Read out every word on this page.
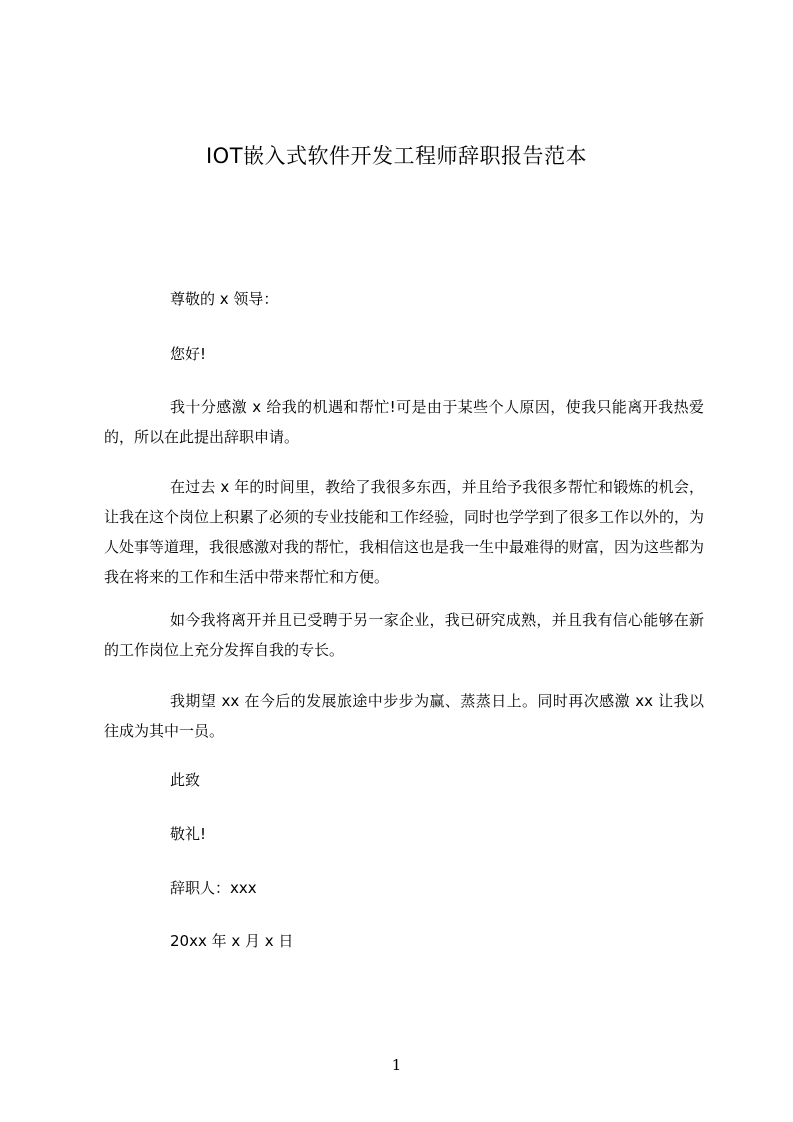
IOT嵌入式软件开发工程师辞职报告范本
尊敬的 x 领导：
您好!
我十分感激 x 给我的机遇和帮忙!可是由于某些个人原因，使我只能离开我热爱的，所以在此提出辞职申请。
在过去 x 年的时间里，教给了我很多东西，并且给予我很多帮忙和锻炼的机会，让我在这个岗位上积累了必须的专业技能和工作经验，同时也学学到了很多工作以外的，为人处事等道理，我很感激对我的帮忙，我相信这也是我一生中最难得的财富，因为这些都为我在将来的工作和生活中带来帮忙和方便。
如今我将离开并且已受聘于另一家企业，我已研究成熟，并且我有信心能够在新的工作岗位上充分发挥自我的专长。
我期望 xx 在今后的发展旅途中步步为赢、蒸蒸日上。同时再次感激 xx 让我以往成为其中一员。
此致
敬礼!
辞职人：xxx
20xx 年 x 月 x 日
1
